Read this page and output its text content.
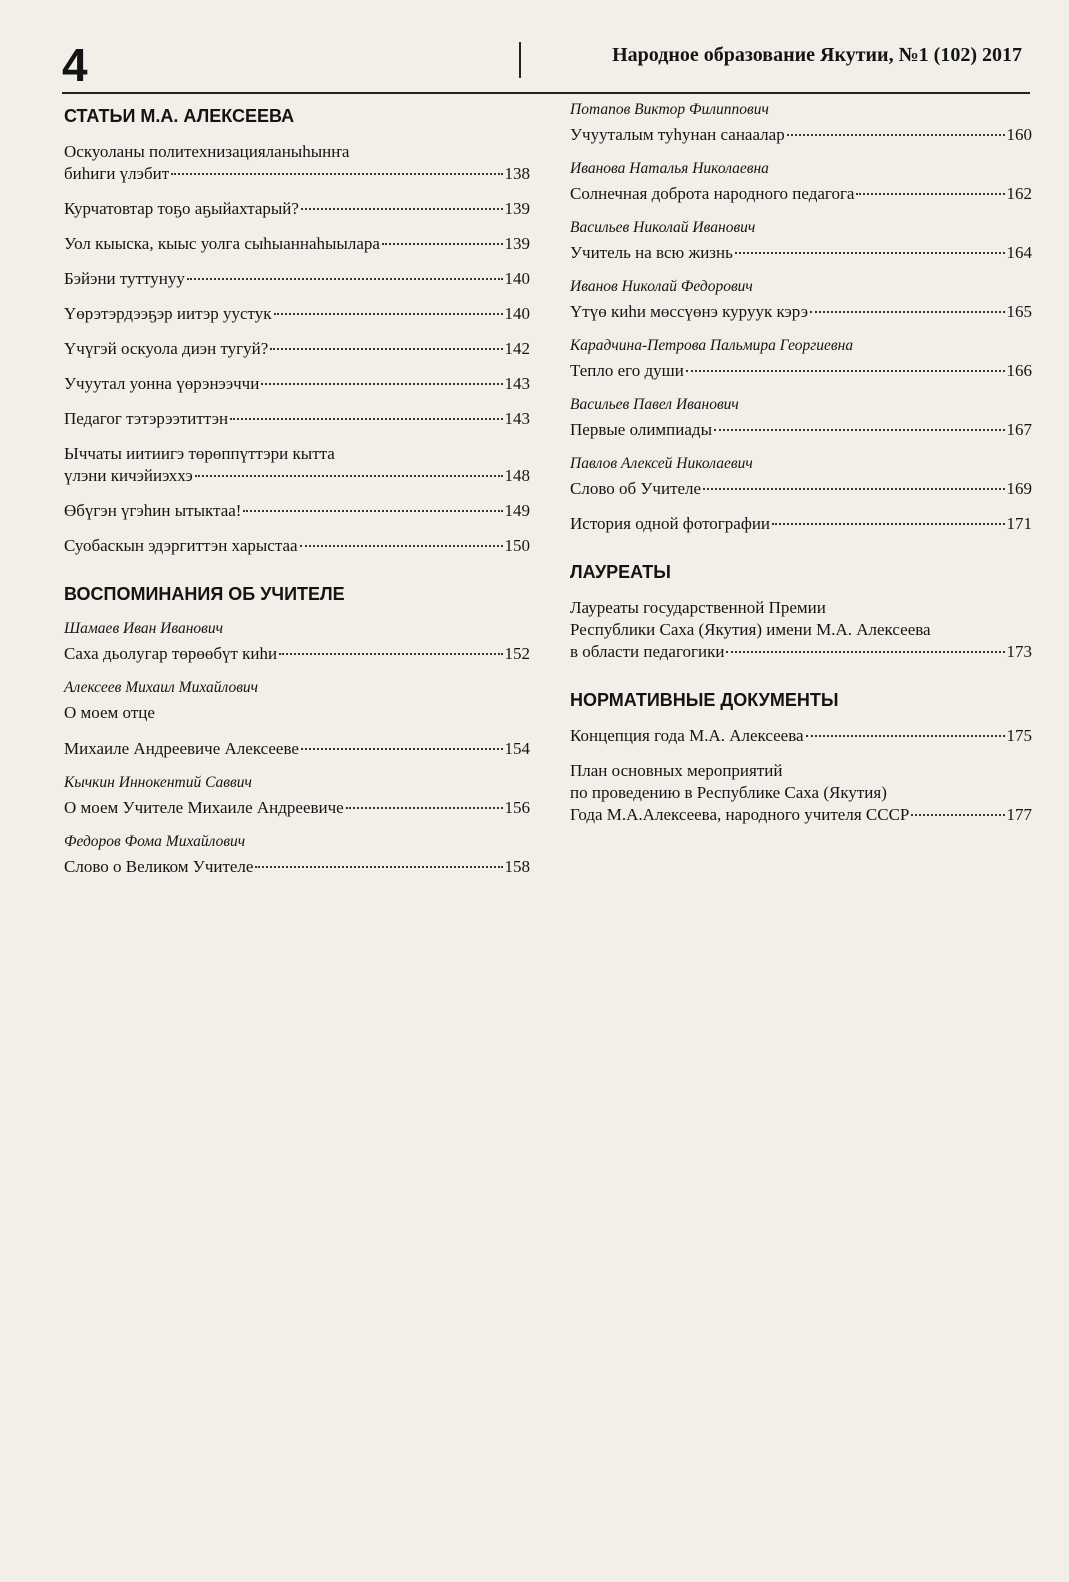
4	Народное образование Якутии, №1 (102) 2017
СТАТЬИ М.А. АЛЕКСЕЕВА
Оскуоланы политехнизацияланыһынҥа
биһиги үлэбит	138
Курчатовтар тоҕо аҕыйахтарый?	139
Уол кыыска, кыыс уолга сыһыаннаһыылара	139
Бэйэни туттунуу	140
Үөрэтэрдээҕэр иитэр уустук	140
Үчүгэй оскуола диэн тугуй?	142
Учуутал уонна үөрэнээччи	143
Педагог тэтэрээтиттэн	143
Ыччаты иитиигэ төрөппүттэри кытта
үлэни кичэйиэххэ	148
Өбүгэн үгэһин ытыктаа!	149
Суобаскын эдэргиттэн харыстаа	150
ВОСПОМИНАНИЯ ОБ УЧИТЕЛЕ
Шамаев Иван Иванович
Саха дьолугар төрөөбүт киһи	152
Алексеев Михаил Михайлович
О моем отце
Михаиле Андреевиче Алексееве	154
Кычкин Иннокентий Саввич
О моем Учителе Михаиле Андреевиче	156
Федоров Фома Михайлович
Слово о Великом Учителе	158
Потапов Виктор Филиппович
Учууталым туһунан санаалар	160
Иванова Наталья Николаевна
Солнечная доброта народного педагога	162
Васильев Николай Иванович
Учитель на всю жизнь	164
Иванов Николай Федорович
Үтүө киһи мөссүөнэ куруук кэрэ	165
Карадчина-Петрова Пальмира Георгиевна
Тепло его души	166
Васильев Павел Иванович
Первые олимпиады	167
Павлов Алексей Николаевич
Слово об Учителе	169
История одной фотографии	171
ЛАУРЕАТЫ
Лауреаты государственной Премии
Республики Саха (Якутия) имени М.А. Алексеева
в области педагогики	173
НОРМАТИВНЫЕ ДОКУМЕНТЫ
Концепция года М.А. Алексеева	175
План основных мероприятий
по проведению в Республике Саха (Якутия)
Года М.А.Алексеева, народного учителя СССР	177
